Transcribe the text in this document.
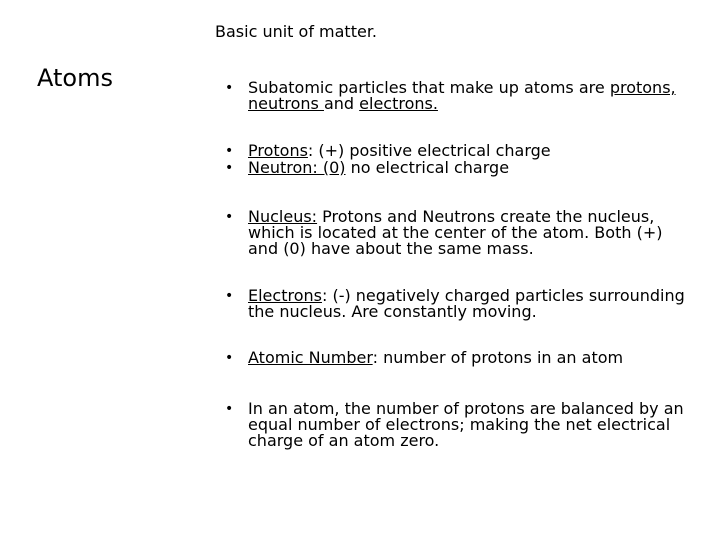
Basic unit of matter.
Atoms	• Subatomic particles that make up atoms are protons,
neutrons and electrons.
• Protons: (+) positive electrical charge
• Neutron: (0) no electrical charge
• Nucleus: Protons and Neutrons create the nucleus,
which is located at the center of the atom. Both (+)
and (0) have about the same mass.
• Electrons: (-) negatively charged particles surrounding
the nucleus. Are constantly moving.
• Atomic Number: number of protons in an atom
• In an atom, the number of protons are balanced by an
equal number of electrons; making the net electrical
charge of an atom zero.
